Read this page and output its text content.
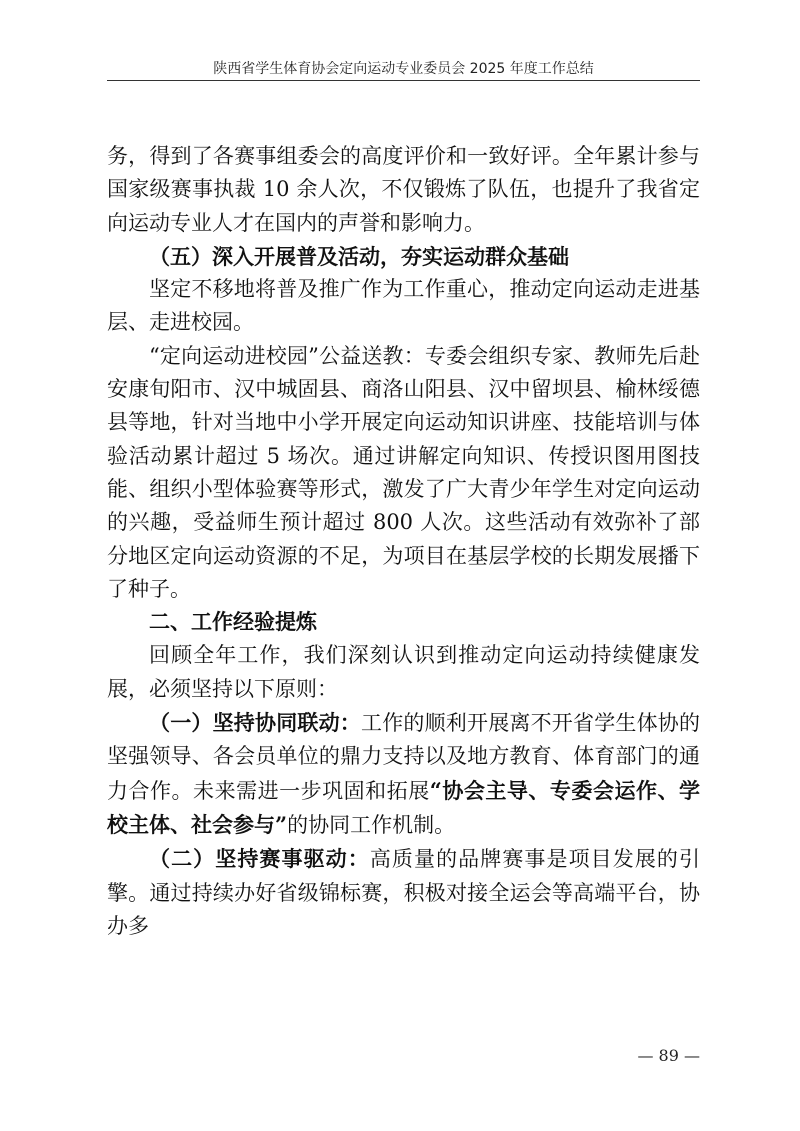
陕西省学生体育协会定向运动专业委员会 2025 年度工作总结

务，得到了各赛事组委会的高度评价和一致好评。全年累计参与国家级赛事执裁 10 余人次，不仅锻炼了队伍，也提升了我省定向运动专业人才在国内的声誉和影响力。

（五）深入开展普及活动，夯实运动群众基础

坚定不移地将普及推广作为工作重心，推动定向运动走进基层、走进校园。

“定向运动进校园”公益送教：专委会组织专家、教师先后赴安康旬阳市、汉中城固县、商洛山阳县、汉中留坝县、榆林绥德县等地，针对当地中小学开展定向运动知识讲座、技能培训与体验活动累计超过 5 场次。通过讲解定向知识、传授识图用图技能、组织小型体验赛等形式，激发了广大青少年学生对定向运动的兴趣，受益师生预计超过 800 人次。这些活动有效弥补了部分地区定向运动资源的不足，为项目在基层学校的长期发展播下了种子。

二、工作经验提炼

回顾全年工作，我们深刻认识到推动定向运动持续健康发展，必须坚持以下原则：

（一）坚持协同联动：工作的顺利开展离不开省学生体协的坚强领导、各会员单位的鼎力支持以及地方教育、体育部门的通力合作。未来需进一步巩固和拓展“协会主导、专委会运作、学校主体、社会参与”的协同工作机制。

（二）坚持赛事驱动：高质量的品牌赛事是项目发展的引擎。通过持续办好省级锦标赛，积极对接全运会等高端平台，协办多

— 89 —
